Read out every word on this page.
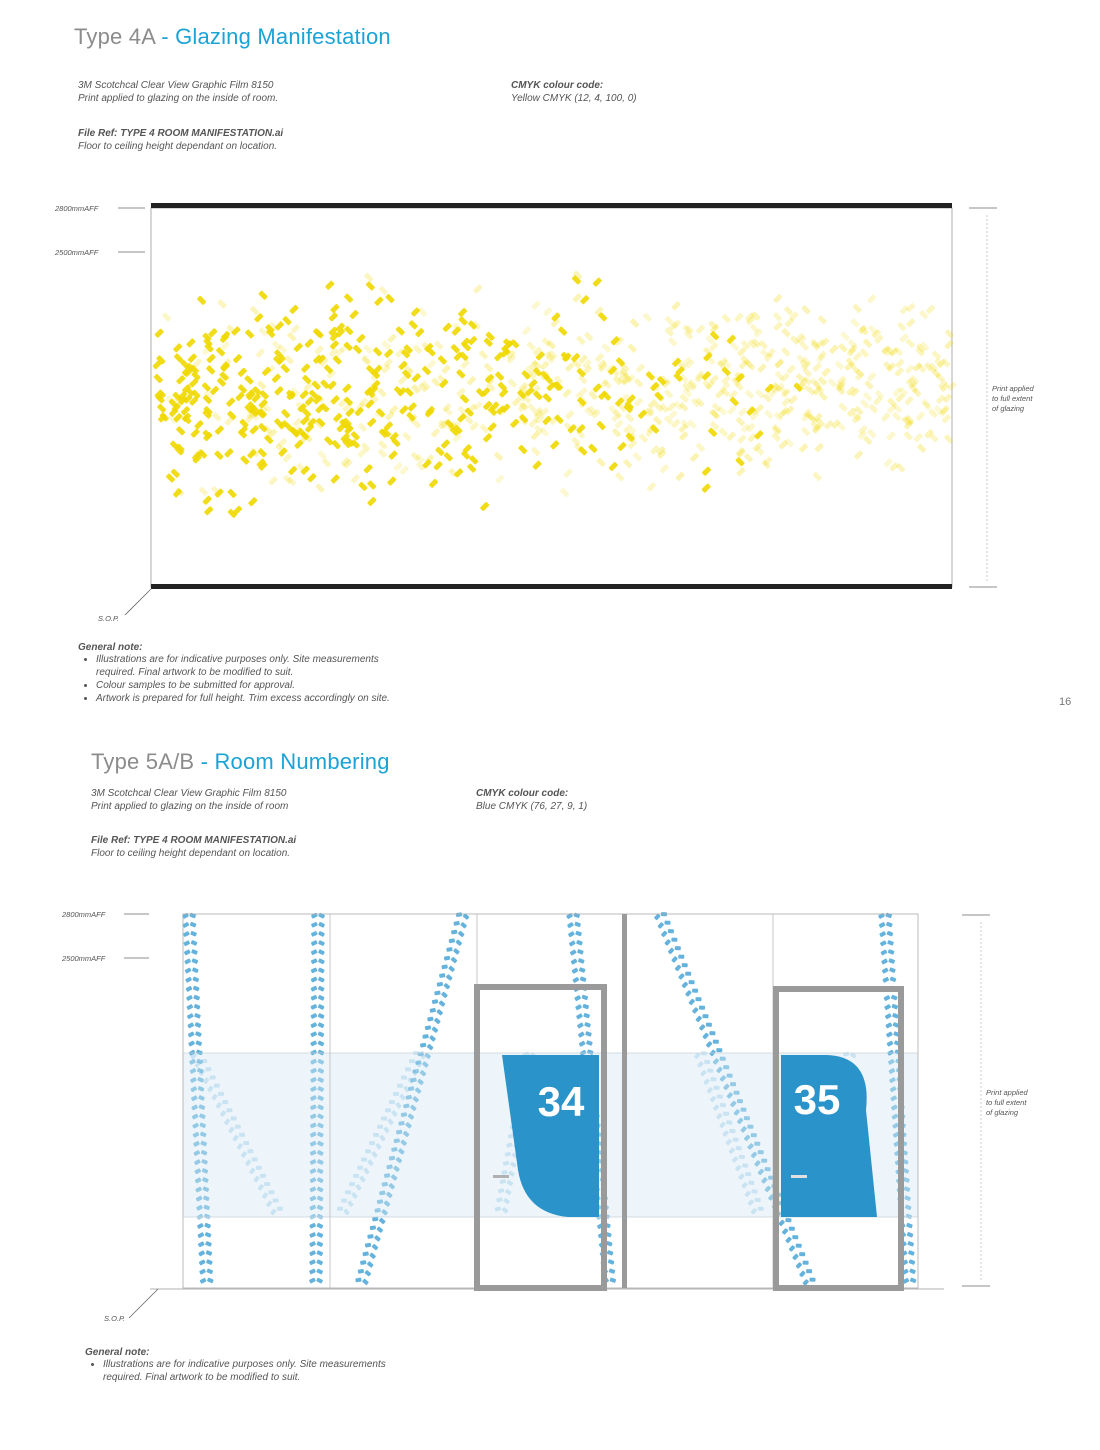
Type 4A - Glazing Manifestation
3M Scotchcal Clear View Graphic Film 8150
Print applied to glazing on the inside of room.
CMYK colour code:
Yellow CMYK (12, 4, 100, 0)
File Ref: TYPE 4 ROOM MANIFESTATION.ai
Floor to ceiling height dependant on location.
2800mmAFF
2500mmAFF
S.O.P.
Print applied
to full extent
of glazing
General note:
• Illustrations are for indicative purposes only. Site measurements
required. Final artwork to be modified to suit.
• Colour samples to be submitted for approval.
• Artwork is prepared for full height. Trim excess accordingly on site.	16
Type 5A/B - Room Numbering
3M Scotchcal Clear View Graphic Film 8150
Print applied to glazing on the inside of room
CMYK colour code:
Blue CMYK (76, 27, 9, 1)
File Ref: TYPE 4 ROOM MANIFESTATION.ai
Floor to ceiling height dependant on location.
2800mmAFF
2500mmAFF
S.O.P.
34	35	Print applied
to full extent
of glazing
General note:
• Illustrations are for indicative purposes only. Site measurements
required. Final artwork to be modified to suit.
